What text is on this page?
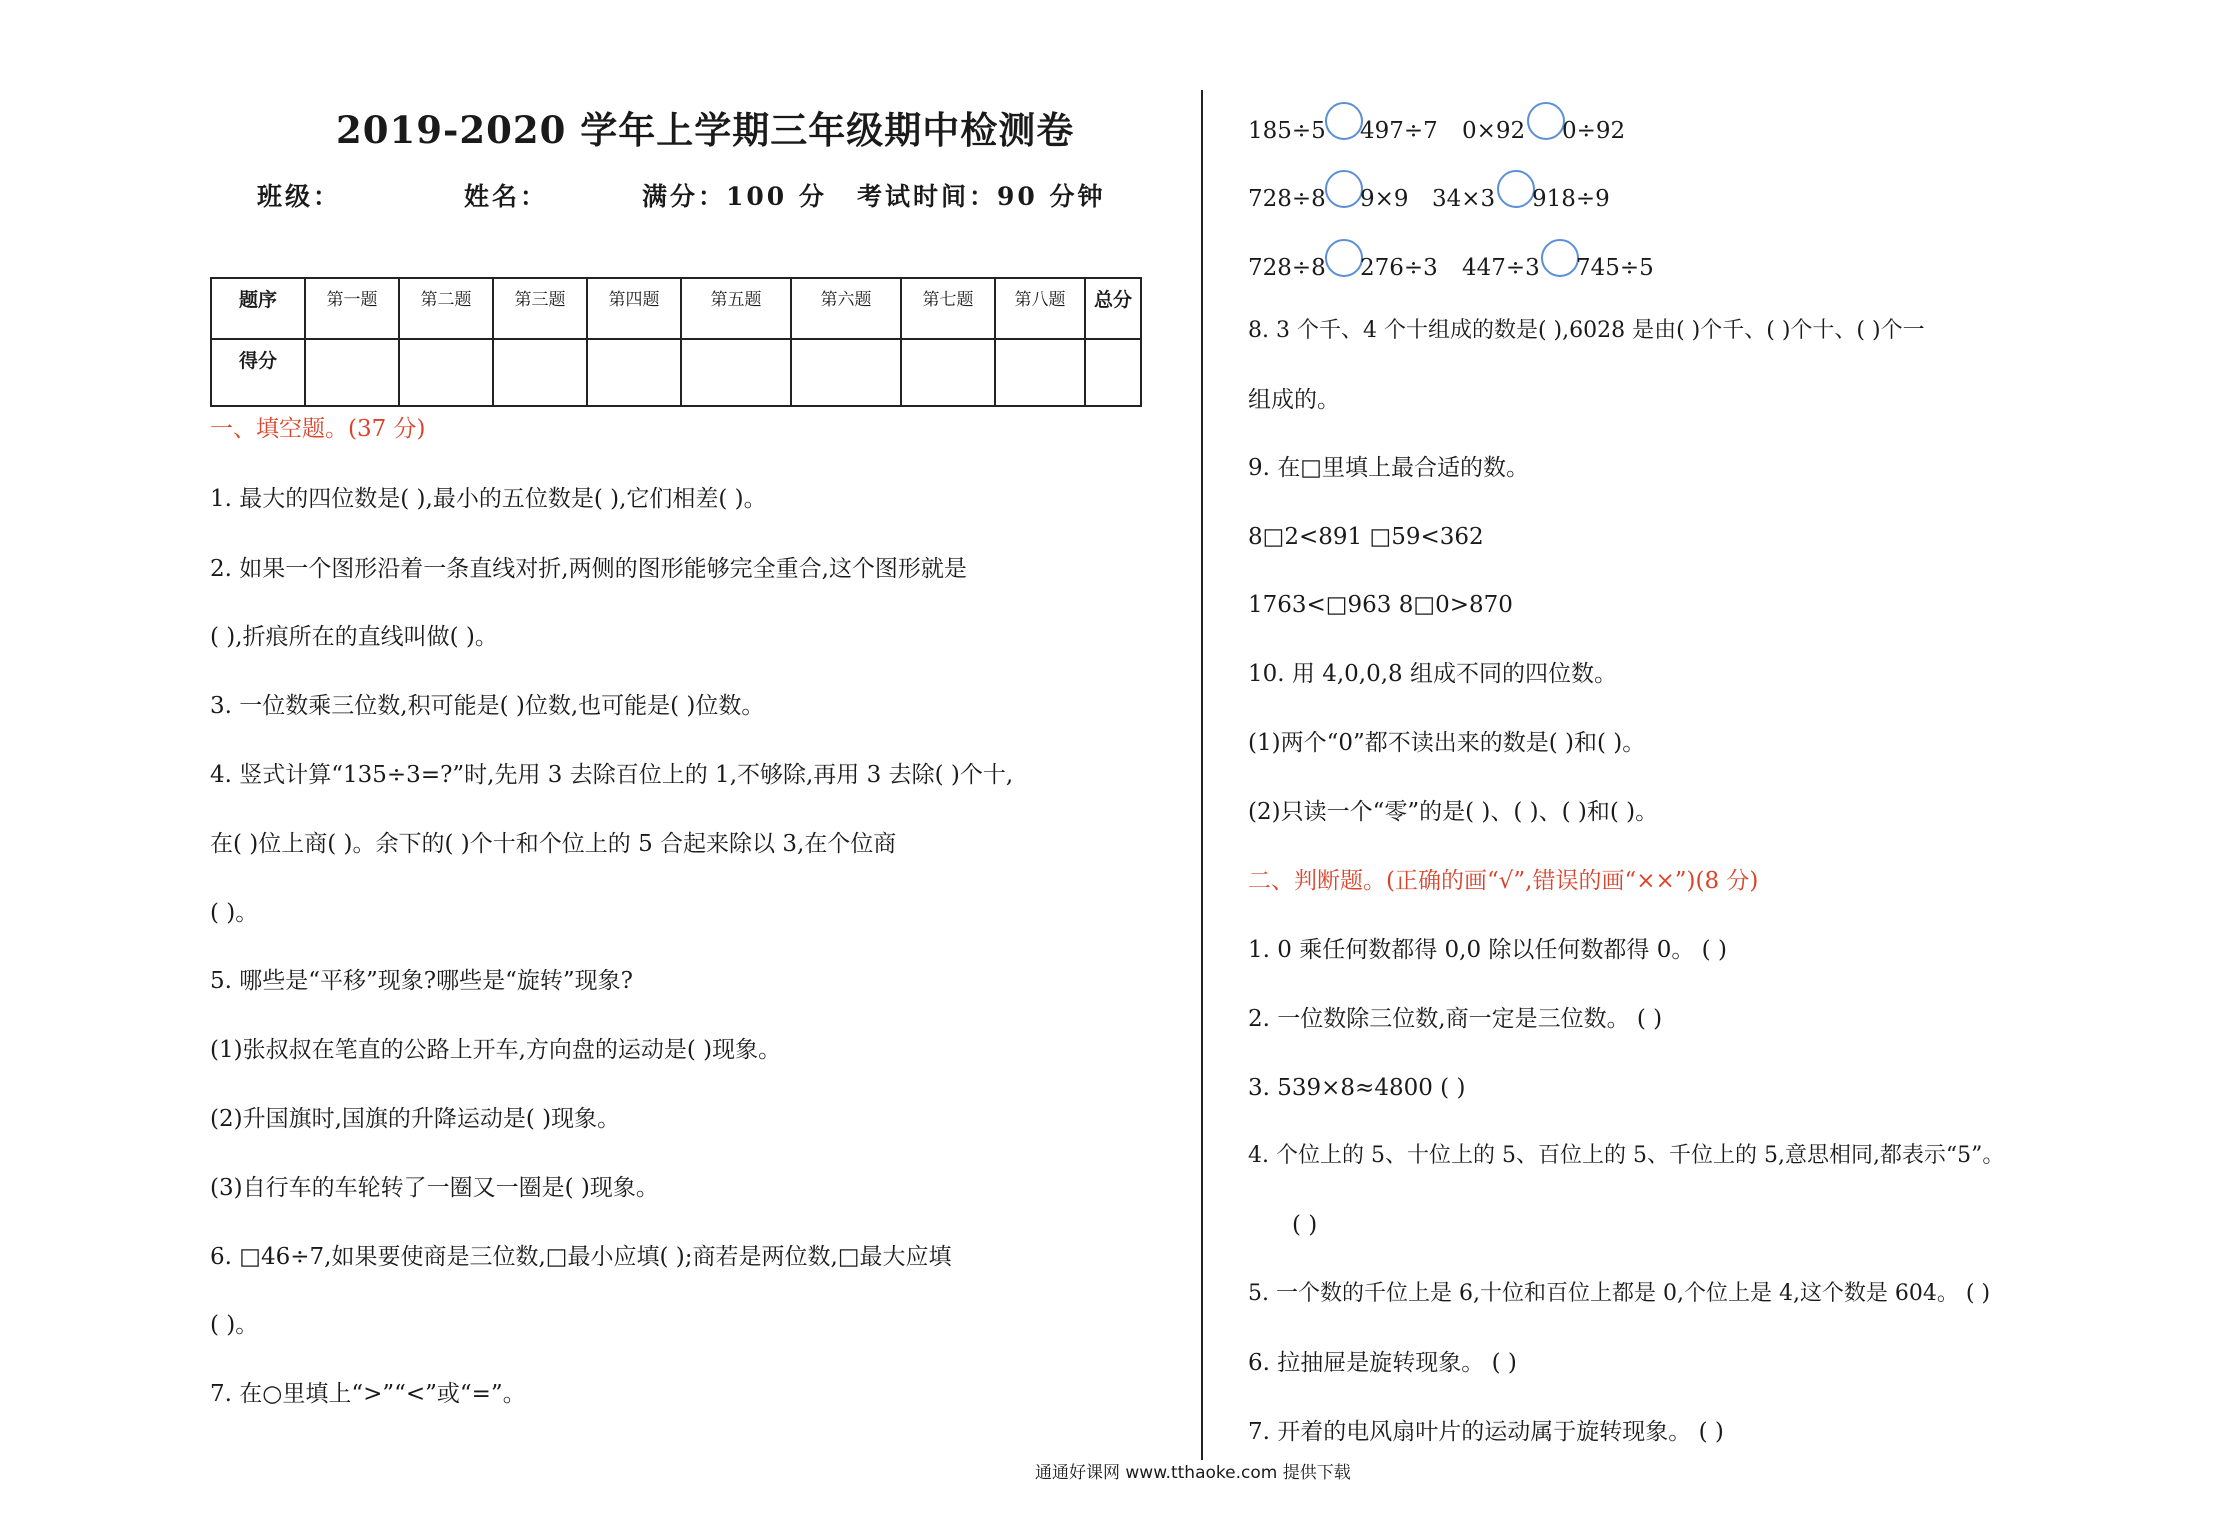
2019-2020 学年上学期三年级期中检测卷
班级：	姓名：	满分：100 分 考试时间：90 分钟
题序	第一题	第二题	第三题	第四题	第五题	第六题	第七题	第八题	总分
得分									
一、填空题。(37 分)
1. 最大的四位数是( ),最小的五位数是( ),它们相差( )。
2. 如果一个图形沿着一条直线对折,两侧的图形能够完全重合,这个图形就是
( ),折痕所在的直线叫做( )。
3. 一位数乘三位数,积可能是( )位数,也可能是( )位数。
4. 竖式计算“135÷3=?”时,先用 3 去除百位上的 1,不够除,再用 3 去除( )个十,
在( )位上商( )。余下的( )个十和个位上的 5 合起来除以 3,在个位商
( )。
5. 哪些是“平移”现象?哪些是“旋转”现象?
(1)张叔叔在笔直的公路上开车,方向盘的运动是( )现象。
(2)升国旗时,国旗的升降运动是( )现象。
(3)自行车的车轮转了一圈又一圈是( )现象。
6. □46÷7,如果要使商是三位数,□最小应填( );商若是两位数,□最大应填
( )。
7. 在○里填上“>”“<”或“=”。
185÷5 497÷7 0×92 0÷92
728÷8 9×9 34×3 918÷9
728÷8 276÷3 447÷3 745÷5
8. 3 个千、4 个十组成的数是( ),6028 是由( )个千、( )个十、( )个一
组成的。
9. 在□里填上最合适的数。
8□2<891 □59<362
1763<□963 8□0>870
10. 用 4,0,0,8 组成不同的四位数。
(1)两个“0”都不读出来的数是( )和( )。
(2)只读一个“零”的是( )、( )、( )和( )。
二、判断题。(正确的画“√”,错误的画“××”)(8 分)
1. 0 乘任何数都得 0,0 除以任何数都得 0。 ( )
2. 一位数除三位数,商一定是三位数。 ( )
3. 539×8≈4800 ( )
4. 个位上的 5、十位上的 5、百位上的 5、千位上的 5,意思相同,都表示“5”。
( )
5. 一个数的千位上是 6,十位和百位上都是 0,个位上是 4,这个数是 604。 ( )
6. 拉抽屉是旋转现象。 ( )
7. 开着的电风扇叶片的运动属于旋转现象。 ( )
通通好课网 www.tthaoke.com 提供下载
